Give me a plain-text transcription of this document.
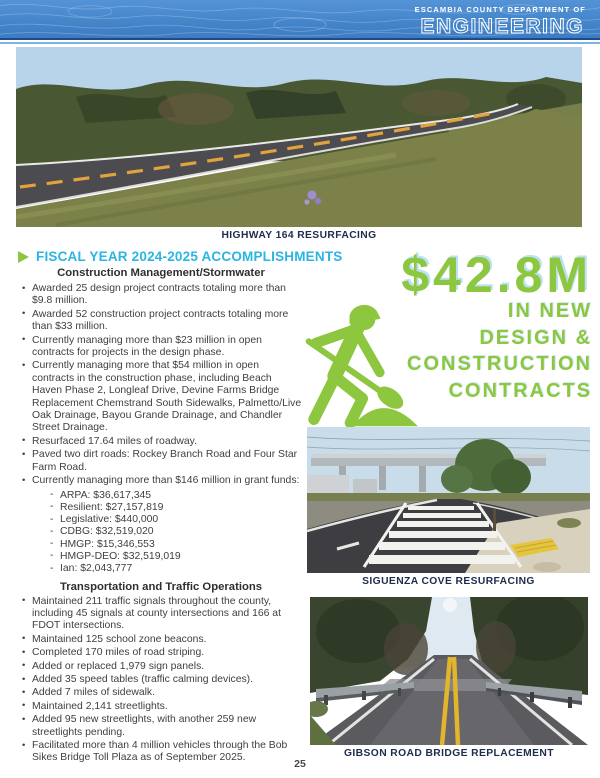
ESCAMBIA COUNTY DEPARTMENT OF
ENGINEERING
HIGHWAY 164 RESURFACING
FISCAL YEAR 2024-2025 ACCOMPLISHMENTS
Construction Management/Stormwater
• Awarded 25 design project contracts totaling more than $9.8 million.
• Awarded 52 construction project contracts totaling more than $33 million.
• Currently managing more than $23 million in open contracts for projects in the design phase.
• Currently managing more that $54 million in open contracts in the construction phase, including Beach Haven Phase 2, Longleaf Drive, Devine Farms Bridge Replacement Chemstrand South Sidewalks, Palmetto/Live Oak Drainage, Bayou Grande Drainage, and Chandler Street Drainage.
• Resurfaced 17.64 miles of roadway.
• Paved two dirt roads: Rockey Branch Road and Four Star Farm Road.
• Currently managing more than $146 million in grant funds:
- ARPA: $36,617,345
- Resilient: $27,157,819
- Legislative: $440,000
- CDBG: $32,519,020
- HMGP: $15,346,553
- HMGP-DEO: $32,519,019
- Ian: $2,043,777
Transportation and Traffic Operations
• Maintained 211 traffic signals throughout the county, including 45 signals at county intersections and 166 at FDOT intersections.
• Maintained 125 school zone beacons.
• Completed 170 miles of road striping.
• Added or replaced 1,979 sign panels.
• Added 35 speed tables (traffic calming devices).
• Added 7 miles of sidewalk.
• Maintained 2,141 streetlights.
• Added 95 new streetlights, with another 259 new streetlights pending.
• Facilitated more than 4 million vehicles through the Bob Sikes Bridge Toll Plaza as of September 2025.
$42.8M
IN NEW
DESIGN &
CONSTRUCTION
CONTRACTS
SIGUENZA COVE RESURFACING
GIBSON ROAD BRIDGE REPLACEMENT
25
